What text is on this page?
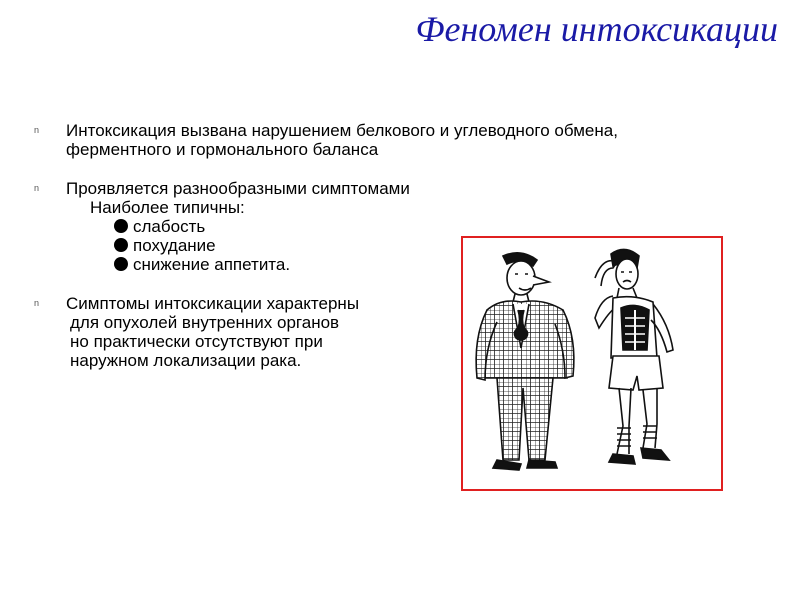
Феномен интоксикации
n Интоксикация вызвана нарушением белкового и углеводного обмена,
ферментного и гормонального баланса
n Проявляется разнообразными симптомами
Наиболее типичны:
слабость
похудание
снижение аппетита.
n Симптомы интоксикации характерны
для опухолей внутренних органов
но практически отсутствуют при
наружном локализации рака.
